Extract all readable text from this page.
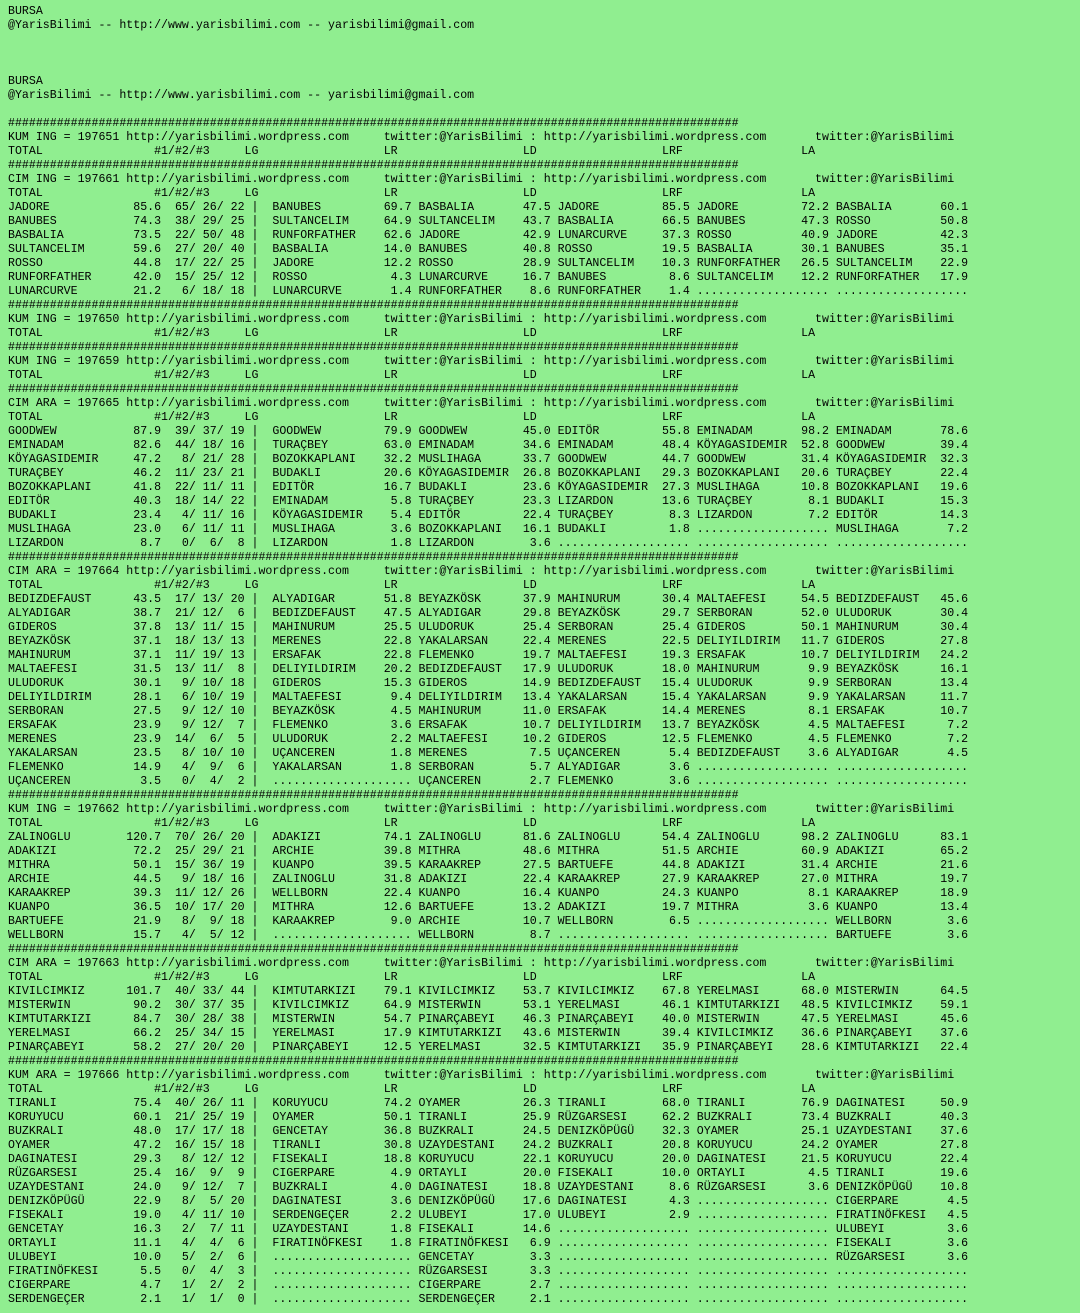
BURSA
@YarisBilimi -- http://www.yarisbilimi.com -- yarisbilimi@gmail.com
BURSA
@YarisBilimi -- http://www.yarisbilimi.com -- yarisbilimi@gmail.com
#########################################################################################################
KUM ING = 197651 http://yarisbilimi.wordpress.com     twitter:@YarisBilimi : http://yarisbilimi.wordpress.com       twitter:@YarisBilimi
TOTAL                #1/#2/#3     LG                  LR                  LD                  LRF                 LA
#########################################################################################################
CIM ING = 197661 http://yarisbilimi.wordpress.com     twitter:@YarisBilimi : http://yarisbilimi.wordpress.com       twitter:@YarisBilimi
TOTAL                #1/#2/#3     LG                  LR                  LD                  LRF                 LA
JADORE            85.6  65/ 26/ 22 |  BANUBES         69.7 BASBALIA       47.5 JADORE         85.5 JADORE         72.2 BASBALIA       60.1
BANUBES           74.3  38/ 29/ 25 |  SULTANCELIM     64.9 SULTANCELIM    43.7 BASBALIA       66.5 BANUBES        47.3 ROSSO          50.8
BASBALIA          73.5  22/ 50/ 48 |  RUNFORFATHER    62.6 JADORE         42.9 LUNARCURVE     37.3 ROSSO          40.9 JADORE         42.3
SULTANCELIM       59.6  27/ 20/ 40 |  BASBALIA        14.0 BANUBES        40.8 ROSSO          19.5 BASBALIA       30.1 BANUBES        35.1
ROSSO             44.8  17/ 22/ 25 |  JADORE          12.2 ROSSO          28.9 SULTANCELIM    10.3 RUNFORFATHER   26.5 SULTANCELIM    22.9
RUNFORFATHER      42.0  15/ 25/ 12 |  ROSSO            4.3 LUNARCURVE     16.7 BANUBES         8.6 SULTANCELIM    12.2 RUNFORFATHER   17.9
LUNARCURVE        21.2   6/ 18/ 18 |  LUNARCURVE       1.4 RUNFORFATHER    8.6 RUNFORFATHER    1.4 ................... ...................
#########################################################################################################
KUM ING = 197650 http://yarisbilimi.wordpress.com     twitter:@YarisBilimi : http://yarisbilimi.wordpress.com       twitter:@YarisBilimi
TOTAL                #1/#2/#3     LG                  LR                  LD                  LRF                 LA
#########################################################################################################
KUM ING = 197659 http://yarisbilimi.wordpress.com     twitter:@YarisBilimi : http://yarisbilimi.wordpress.com       twitter:@YarisBilimi
TOTAL                #1/#2/#3     LG                  LR                  LD                  LRF                 LA
#########################################################################################################
CIM ARA = 197665 http://yarisbilimi.wordpress.com     twitter:@YarisBilimi : http://yarisbilimi.wordpress.com       twitter:@YarisBilimi
TOTAL                #1/#2/#3     LG                  LR                  LD                  LRF                 LA
GOODWEW           87.9  39/ 37/ 19 |  GOODWEW         79.9 GOODWEW        45.0 EDITÖR         55.8 EMINADAM       98.2 EMINADAM       78.6
EMINADAM          82.6  44/ 18/ 16 |  TURAÇBEY        63.0 EMINADAM       34.6 EMINADAM       48.4 KÖYAGASIDEMIR  52.8 GOODWEW        39.4
KÖYAGASIDEMIR     47.2   8/ 21/ 28 |  BOZOKKAPLANI    32.2 MUSLIHAGA      33.7 GOODWEW        44.7 GOODWEW        31.4 KÖYAGASIDEMIR  32.3
TURAÇBEY          46.2  11/ 23/ 21 |  BUDAKLI         20.6 KÖYAGASIDEMIR  26.8 BOZOKKAPLANI   29.3 BOZOKKAPLANI   20.6 TURAÇBEY       22.4
BOZOKKAPLANI      41.8  22/ 11/ 11 |  EDITÖR          16.7 BUDAKLI        23.6 KÖYAGASIDEMIR  27.3 MUSLIHAGA      10.8 BOZOKKAPLANI   19.6
EDITÖR            40.3  18/ 14/ 22 |  EMINADAM         5.8 TURAÇBEY       23.3 LIZARDON       13.6 TURAÇBEY        8.1 BUDAKLI        15.3
BUDAKLI           23.4   4/ 11/ 16 |  KÖYAGASIDEMIR    5.4 EDITÖR         22.4 TURAÇBEY        8.3 LIZARDON        7.2 EDITÖR         14.3
MUSLIHAGA         23.0   6/ 11/ 11 |  MUSLIHAGA        3.6 BOZOKKAPLANI   16.1 BUDAKLI         1.8 ................... MUSLIHAGA       7.2
LIZARDON           8.7   0/  6/  8 |  LIZARDON         1.8 LIZARDON        3.6 ................... ................... ...................
#########################################################################################################
CIM ARA = 197664 http://yarisbilimi.wordpress.com     twitter:@YarisBilimi : http://yarisbilimi.wordpress.com       twitter:@YarisBilimi
TOTAL                #1/#2/#3     LG                  LR                  LD                  LRF                 LA
BEDIZDEFAUST      43.5  17/ 13/ 20 |  ALYADIGAR       51.8 BEYAZKÖSK      37.9 MAHINURUM      30.4 MALTAEFESI     54.5 BEDIZDEFAUST   45.6
ALYADIGAR         38.7  21/ 12/  6 |  BEDIZDEFAUST    47.5 ALYADIGAR      29.8 BEYAZKÖSK      29.7 SERBORAN       52.0 ULUDORUK       30.4
GIDEROS           37.8  13/ 11/ 15 |  MAHINURUM       25.5 ULUDORUK       25.4 SERBORAN       25.4 GIDEROS        50.1 MAHINURUM      30.4
BEYAZKÖSK         37.1  18/ 13/ 13 |  MERENES         22.8 YAKALARSAN     22.4 MERENES        22.5 DELIYILDIRIM   11.7 GIDEROS        27.8
MAHINURUM         37.1  11/ 19/ 13 |  ERSAFAK         22.8 FLEMENKO       19.7 MALTAEFESI     19.3 ERSAFAK        10.7 DELIYILDIRIM   24.2
MALTAEFESI        31.5  13/ 11/  8 |  DELIYILDIRIM    20.2 BEDIZDEFAUST   17.9 ULUDORUK       18.0 MAHINURUM       9.9 BEYAZKÖSK      16.1
ULUDORUK          30.1   9/ 10/ 18 |  GIDEROS         15.3 GIDEROS        14.9 BEDIZDEFAUST   15.4 ULUDORUK        9.9 SERBORAN       13.4
DELIYILDIRIM      28.1   6/ 10/ 19 |  MALTAEFESI       9.4 DELIYILDIRIM   13.4 YAKALARSAN     15.4 YAKALARSAN      9.9 YAKALARSAN     11.7
SERBORAN          27.5   9/ 12/ 10 |  BEYAZKÖSK        4.5 MAHINURUM      11.0 ERSAFAK        14.4 MERENES         8.1 ERSAFAK        10.7
ERSAFAK           23.9   9/ 12/  7 |  FLEMENKO         3.6 ERSAFAK        10.7 DELIYILDIRIM   13.7 BEYAZKÖSK       4.5 MALTAEFESI      7.2
MERENES           23.9  14/  6/  5 |  ULUDORUK         2.2 MALTAEFESI     10.2 GIDEROS        12.5 FLEMENKO        4.5 FLEMENKO        7.2
YAKALARSAN        23.5   8/ 10/ 10 |  UÇANCEREN        1.8 MERENES         7.5 UÇANCEREN       5.4 BEDIZDEFAUST    3.6 ALYADIGAR       4.5
FLEMENKO          14.9   4/  9/  6 |  YAKALARSAN       1.8 SERBORAN        5.7 ALYADIGAR       3.6 ................... ...................
UÇANCEREN          3.5   0/  4/  2 |  .................... UÇANCEREN       2.7 FLEMENKO        3.6 ................... ...................
#########################################################################################################
KUM ING = 197662 http://yarisbilimi.wordpress.com     twitter:@YarisBilimi : http://yarisbilimi.wordpress.com       twitter:@YarisBilimi
TOTAL                #1/#2/#3     LG                  LR                  LD                  LRF                 LA
ZALINOGLU        120.7  70/ 26/ 20 |  ADAKIZI         74.1 ZALINOGLU      81.6 ZALINOGLU      54.4 ZALINOGLU      98.2 ZALINOGLU      83.1
ADAKIZI           72.2  25/ 29/ 21 |  ARCHIE          39.8 MITHRA         48.6 MITHRA         51.5 ARCHIE         60.9 ADAKIZI        65.2
MITHRA            50.1  15/ 36/ 19 |  KUANPO          39.5 KARAAKREP      27.5 BARTUEFE       44.8 ADAKIZI        31.4 ARCHIE         21.6
ARCHIE            44.5   9/ 18/ 16 |  ZALINOGLU       31.8 ADAKIZI        22.4 KARAAKREP      27.9 KARAAKREP      27.0 MITHRA         19.7
KARAAKREP         39.3  11/ 12/ 26 |  WELLBORN        22.4 KUANPO         16.4 KUANPO         24.3 KUANPO          8.1 KARAAKREP      18.9
KUANPO            36.5  10/ 17/ 20 |  MITHRA          12.6 BARTUEFE       13.2 ADAKIZI        19.7 MITHRA          3.6 KUANPO         13.4
BARTUEFE          21.9   8/  9/ 18 |  KARAAKREP        9.0 ARCHIE         10.7 WELLBORN        6.5 ................... WELLBORN        3.6
WELLBORN          15.7   4/  5/ 12 |  .................... WELLBORN        8.7 ................... ................... BARTUEFE        3.6
#########################################################################################################
CIM ARA = 197663 http://yarisbilimi.wordpress.com     twitter:@YarisBilimi : http://yarisbilimi.wordpress.com       twitter:@YarisBilimi
TOTAL                #1/#2/#3     LG                  LR                  LD                  LRF                 LA
KIVILCIMKIZ      101.7  40/ 33/ 44 |  KIMTUTARKIZI    79.1 KIVILCIMKIZ    53.7 KIVILCIMKIZ    67.8 YERELMASI      68.0 MISTERWIN      64.5
MISTERWIN         90.2  30/ 37/ 35 |  KIVILCIMKIZ     64.9 MISTERWIN      53.1 YERELMASI      46.1 KIMTUTARKIZI   48.5 KIVILCIMKIZ    59.1
KIMTUTARKIZI      84.7  30/ 28/ 38 |  MISTERWIN       54.7 PINARÇABEYI    46.3 PINARÇABEYI    40.0 MISTERWIN      47.5 YERELMASI      45.6
YERELMASI         66.2  25/ 34/ 15 |  YERELMASI       17.9 KIMTUTARKIZI   43.6 MISTERWIN      39.4 KIVILCIMKIZ    36.6 PINARÇABEYI    37.6
PINARÇABEYI       58.2  27/ 20/ 20 |  PINARÇABEYI     12.5 YERELMASI      32.5 KIMTUTARKIZI   35.9 PINARÇABEYI    28.6 KIMTUTARKIZI   22.4
#########################################################################################################
KUM ARA = 197666 http://yarisbilimi.wordpress.com     twitter:@YarisBilimi : http://yarisbilimi.wordpress.com       twitter:@YarisBilimi
TOTAL                #1/#2/#3     LG                  LR                  LD                  LRF                 LA
TIRANLI           75.4  40/ 26/ 11 |  KORUYUCU        74.2 OYAMER         26.3 TIRANLI        68.0 TIRANLI        76.9 DAGINATESI     50.9
KORUYUCU          60.1  21/ 25/ 19 |  OYAMER          50.1 TIRANLI        25.9 RÜZGARSESI     62.2 BUZKRALI       73.4 BUZKRALI       40.3
BUZKRALI          48.0  17/ 17/ 18 |  GENCETAY        36.8 BUZKRALI       24.5 DENIZKÖPÜGÜ    32.3 OYAMER         25.1 UZAYDESTANI    37.6
OYAMER            47.2  16/ 15/ 18 |  TIRANLI         30.8 UZAYDESTANI    24.2 BUZKRALI       20.8 KORUYUCU       24.2 OYAMER         27.8
DAGINATESI        29.3   8/ 12/ 12 |  FISEKALI        18.8 KORUYUCU       22.1 KORUYUCU       20.0 DAGINATESI     21.5 KORUYUCU       22.4
RÜZGARSESI        25.4  16/  9/  9 |  CIGERPARE        4.9 ORTAYLI        20.0 FISEKALI       10.0 ORTAYLI         4.5 TIRANLI        19.6
UZAYDESTANI       24.0   9/ 12/  7 |  BUZKRALI         4.0 DAGINATESI     18.8 UZAYDESTANI     8.6 RÜZGARSESI      3.6 DENIZKÖPÜGÜ    10.8
DENIZKÖPÜGÜ       22.9   8/  5/ 20 |  DAGINATESI       3.6 DENIZKÖPÜGÜ    17.6 DAGINATESI      4.3 ................... CIGERPARE       4.5
FISEKALI          19.0   4/ 11/ 10 |  SERDENGEÇER      2.2 ULUBEYI        17.0 ULUBEYI         2.9 ................... FIRATINÖFKESI   4.5
GENCETAY          16.3   2/  7/ 11 |  UZAYDESTANI      1.8 FISEKALI       14.6 ................... ................... ULUBEYI         3.6
ORTAYLI           11.1   4/  4/  6 |  FIRATINÖFKESI    1.8 FIRATINÖFKESI   6.9 ................... ................... FISEKALI        3.6
ULUBEYI           10.0   5/  2/  6 |  .................... GENCETAY        3.3 ................... ................... RÜZGARSESI      3.6
FIRATINÖFKESI      5.5   0/  4/  3 |  .................... RÜZGARSESI      3.3 ................... ................... ...................
CIGERPARE          4.7   1/  2/  2 |  .................... CIGERPARE       2.7 ................... ................... ...................
SERDENGEÇER        2.1   1/  1/  0 |  .................... SERDENGEÇER     2.1 ................... ................... ...................
